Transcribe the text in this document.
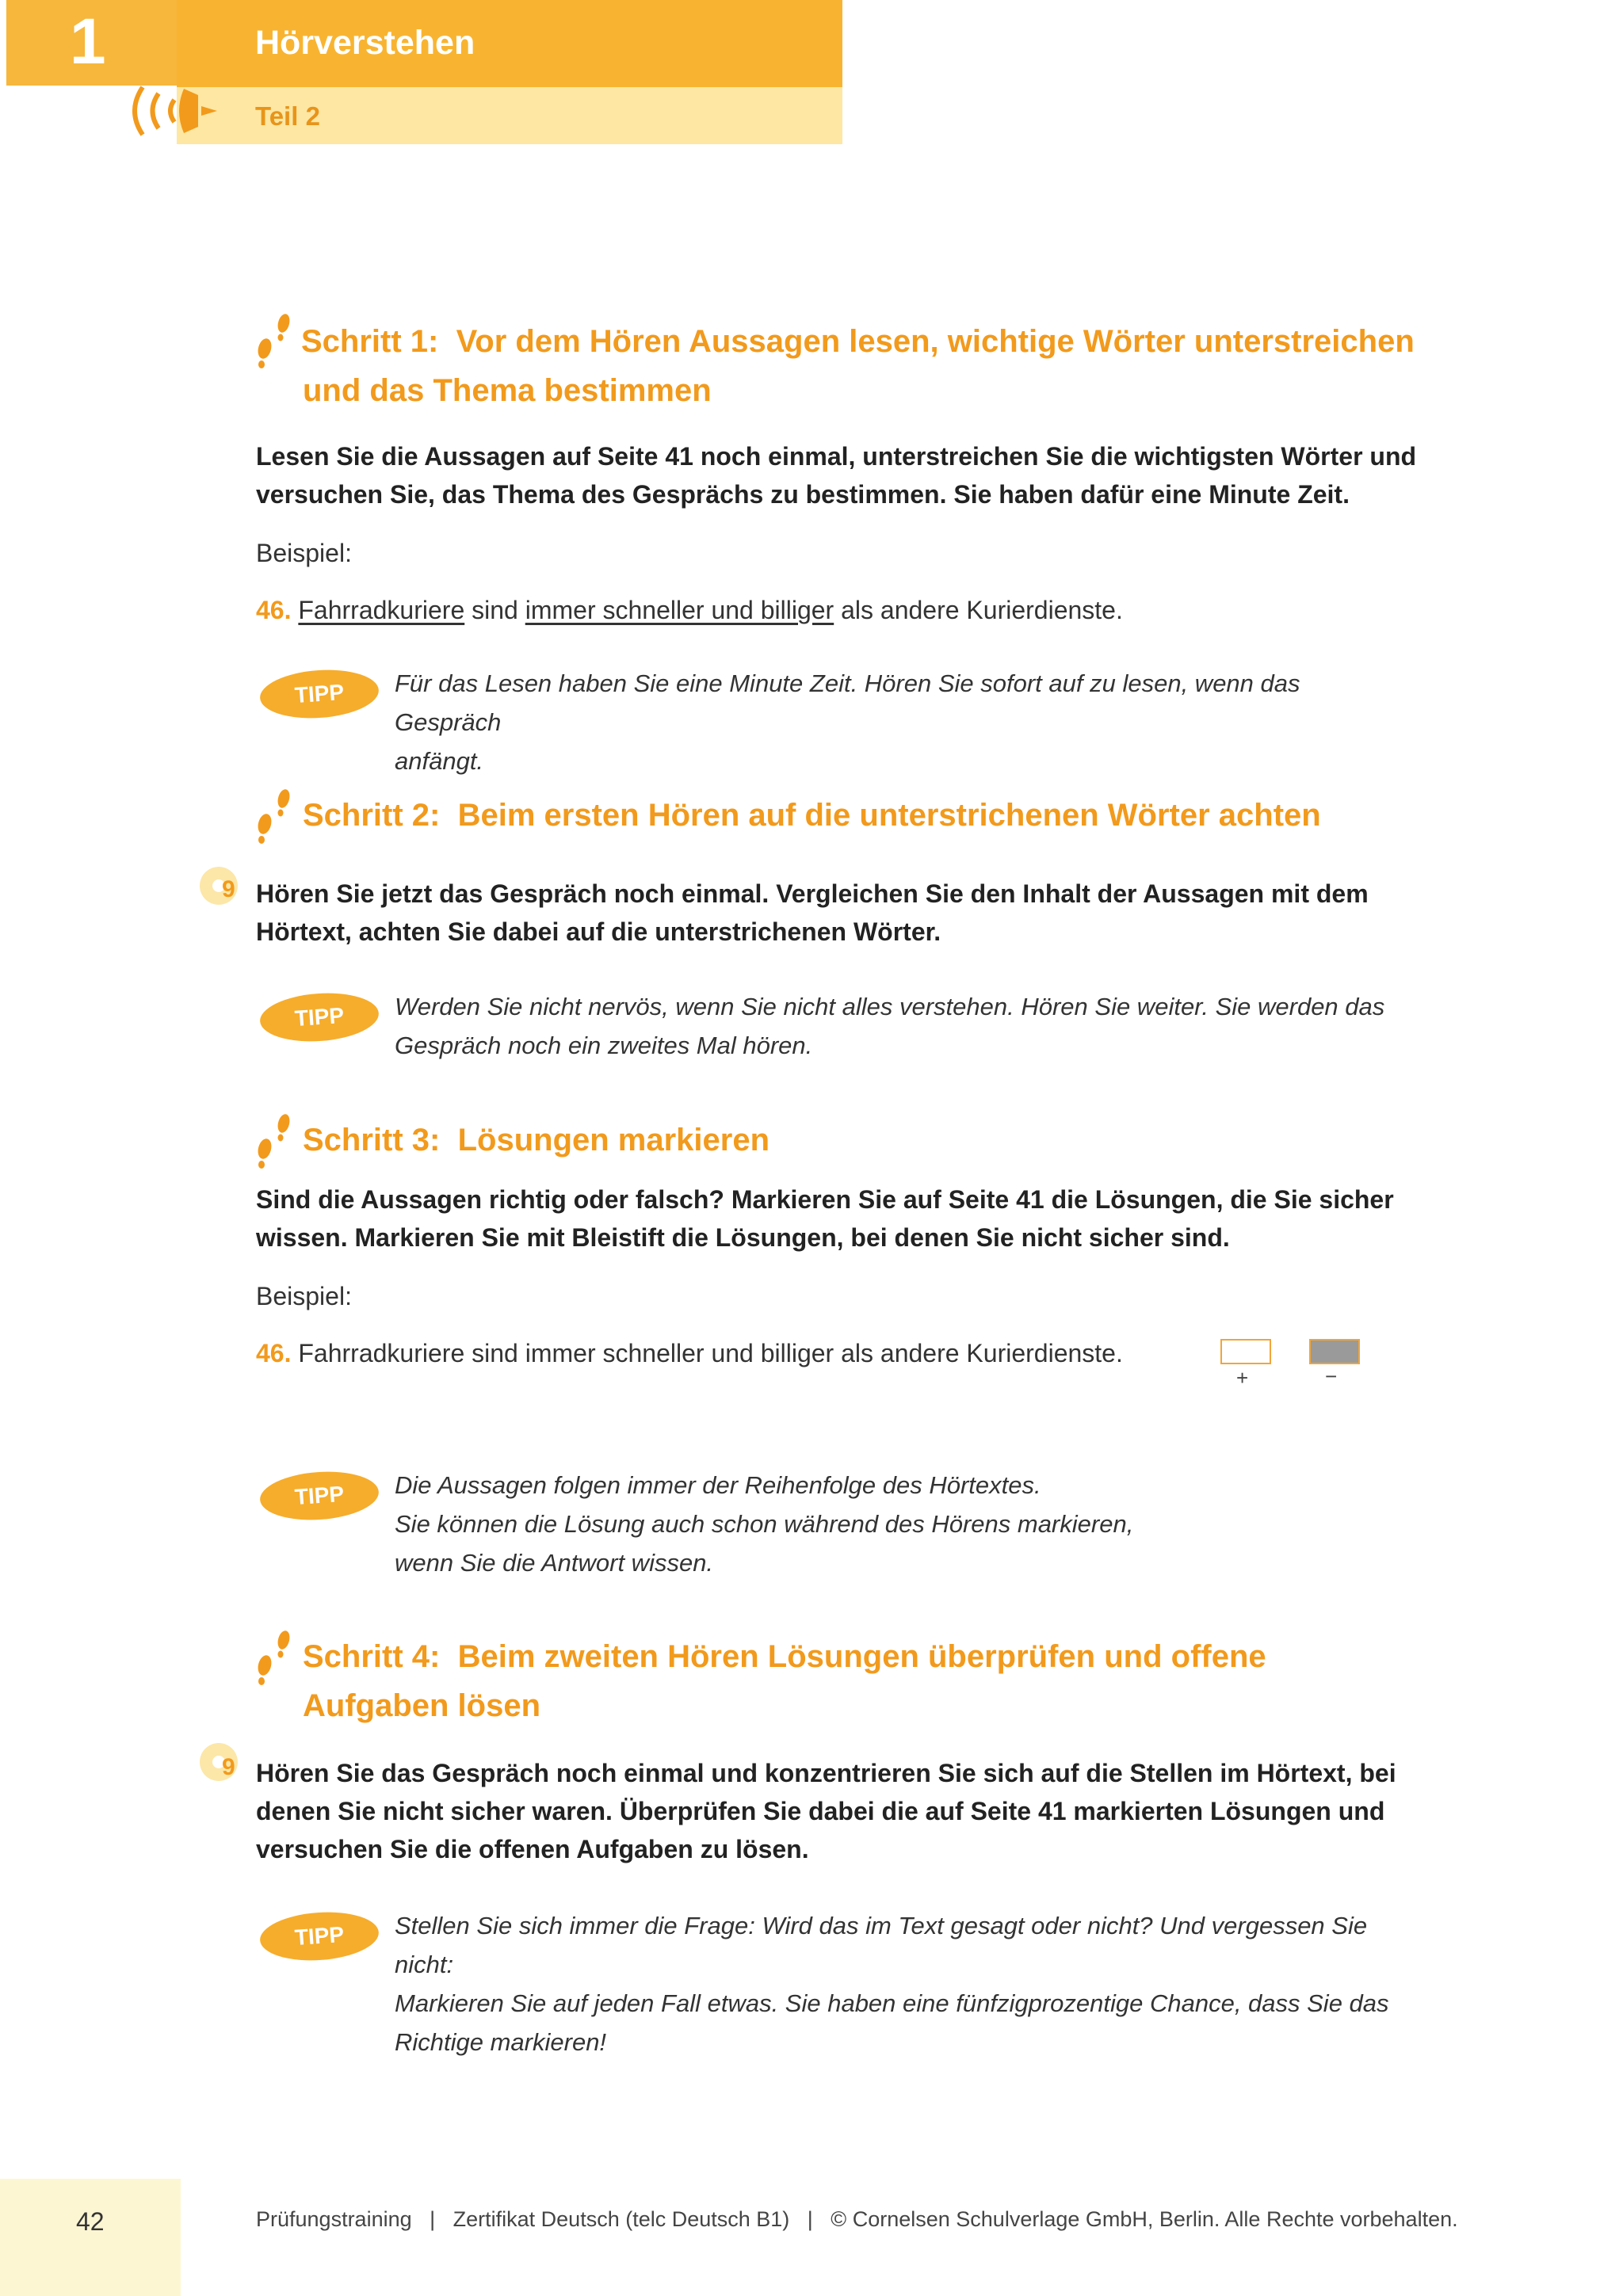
1	Hörverstehen
Teil 2
Schritt 1: Vor dem Hören Aussagen lesen, wichtige Wörter unterstreichen
und das Thema bestimmen
Lesen Sie die Aussagen auf Seite 41 noch einmal, unterstreichen Sie die wichtigsten Wörter und
versuchen Sie, das Thema des Gesprächs zu bestimmen. Sie haben dafür eine Minute Zeit.
Beispiel:
46. Fahrradkuriere sind immer schneller und billiger als andere Kurierdienste.
TIPP	Für das Lesen haben Sie eine Minute Zeit. Hören Sie sofort auf zu lesen, wenn das Gespräch
anfängt.
Schritt 2: Beim ersten Hören auf die unterstrichenen Wörter achten
9 Hören Sie jetzt das Gespräch noch einmal. Vergleichen Sie den Inhalt der Aussagen mit dem
Hörtext, achten Sie dabei auf die unterstrichenen Wörter.
TIPP	Werden Sie nicht nervös, wenn Sie nicht alles verstehen. Hören Sie weiter. Sie werden das
Gespräch noch ein zweites Mal hören.
Schritt 3: Lösungen markieren
Sind die Aussagen richtig oder falsch? Markieren Sie auf Seite 41 die Lösungen, die Sie sicher
wissen. Markieren Sie mit Bleistift die Lösungen, bei denen Sie nicht sicher sind.
Beispiel:
46. Fahrradkuriere sind immer schneller und billiger als andere Kurierdienste.
+	−
TIPP	Die Aussagen folgen immer der Reihenfolge des Hörtextes.
Sie können die Lösung auch schon während des Hörens markieren,
wenn Sie die Antwort wissen.
Schritt 4: Beim zweiten Hören Lösungen überprüfen und offene
Aufgaben lösen
9 Hören Sie das Gespräch noch einmal und konzentrieren Sie sich auf die Stellen im Hörtext, bei
denen Sie nicht sicher waren. Überprüfen Sie dabei die auf Seite 41 markierten Lösungen und
versuchen Sie die offenen Aufgaben zu lösen.
TIPP	Stellen Sie sich immer die Frage: Wird das im Text gesagt oder nicht? Und vergessen Sie nicht:
Markieren Sie auf jeden Fall etwas. Sie haben eine fünfzigprozentige Chance, dass Sie das
Richtige markieren!
42	Prüfungstraining   |   Zertifikat Deutsch (telc Deutsch B1)   |   © Cornelsen Schulverlage GmbH, Berlin. Alle Rechte vorbehalten.
